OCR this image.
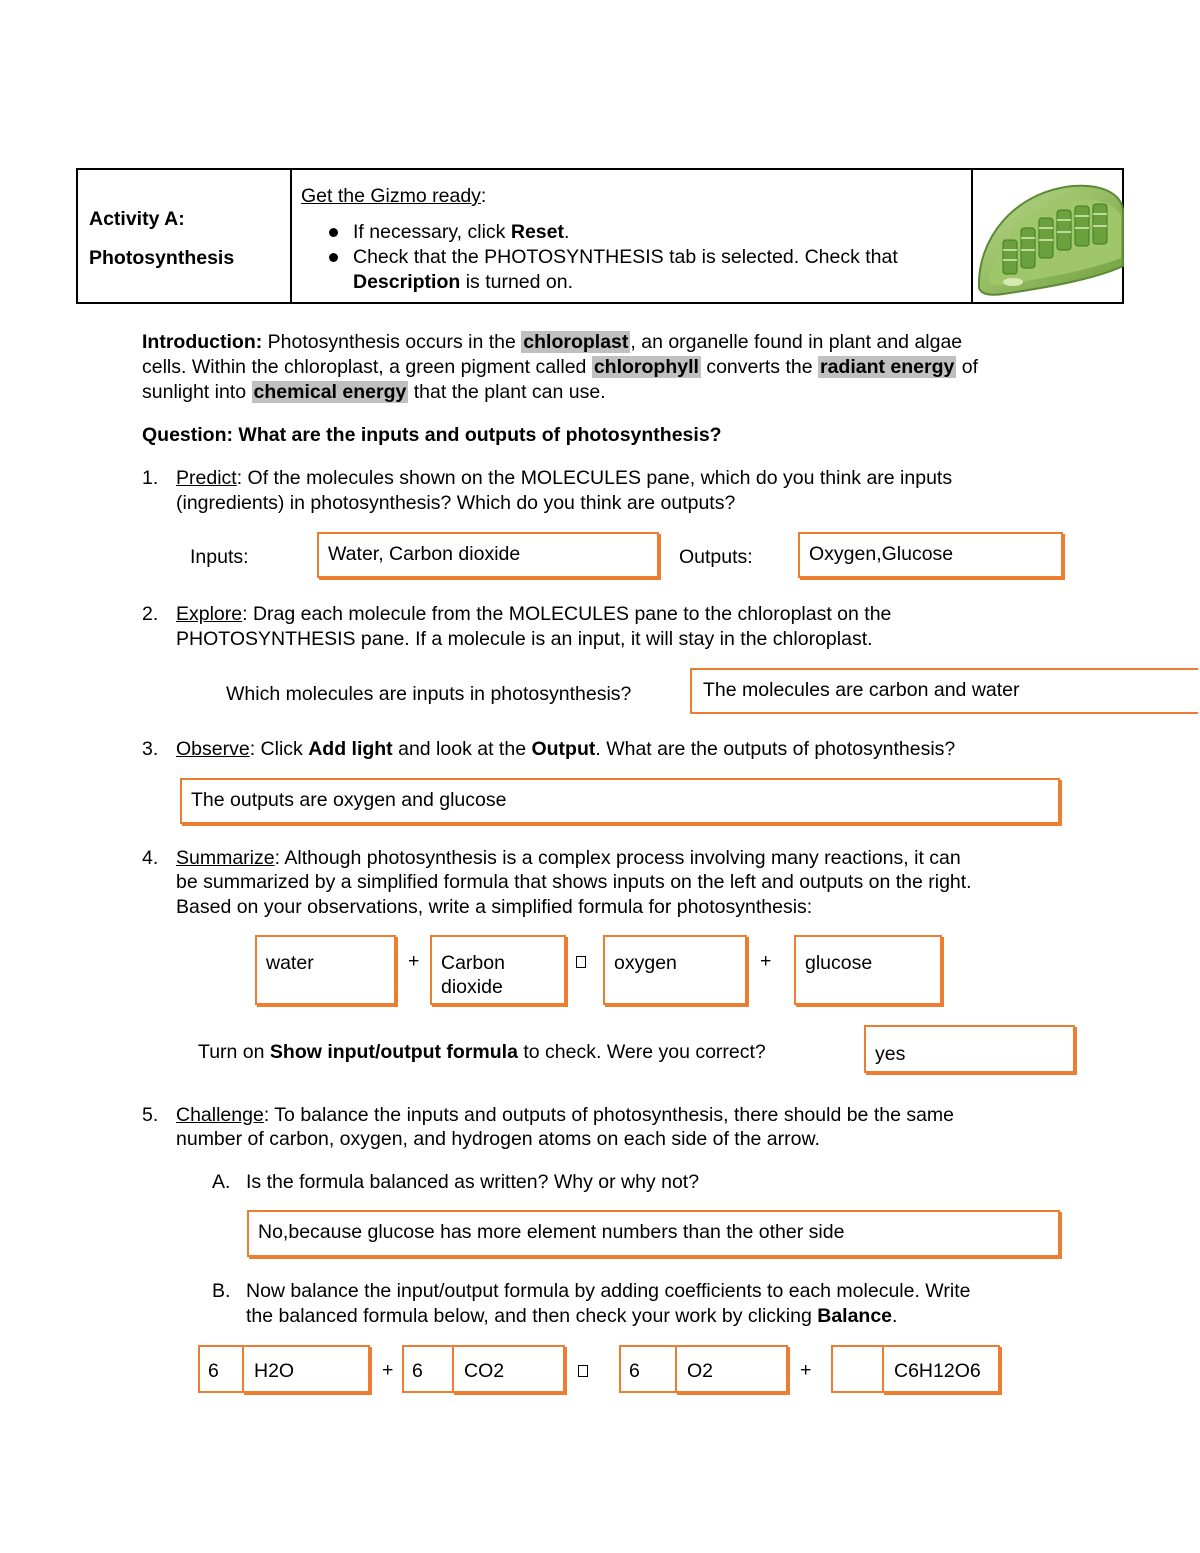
Activity A:
Photosynthesis
Get the Gizmo ready:
If necessary, click Reset.
Check that the PHOTOSYNTHESIS tab is selected. Check that
Description is turned on.
Introduction: Photosynthesis occurs in the chloroplast , an organelle found in plant and algae
cells. Within the chloroplast, a green pigment called chlorophyll converts the radiant energy of
sunlight into chemical energy that the plant can use.
Question: What are the inputs and outputs of photosynthesis?
1. Predict: Of the molecules shown on the MOLECULES pane, which do you think are inputs
(ingredients) in photosynthesis? Which do you think are outputs?
Inputs:	Water, Carbon dioxide	Outputs:	Oxygen,Glucose
2. Explore: Drag each molecule from the MOLECULES pane to the chloroplast on the
PHOTOSYNTHESIS pane. If a molecule is an input, it will stay in the chloroplast.
Which molecules are inputs in photosynthesis?	The molecules are carbon and water
3. Observe: Click Add light and look at the Output. What are the outputs of photosynthesis?
The outputs are oxygen and glucose
4. Summarize: Although photosynthesis is a complex process involving many reactions, it can
be summarized by a simplified formula that shows inputs on the left and outputs on the right.
Based on your observations, write a simplified formula for photosynthesis:
water	+ Carbon
dioxide
oxygen	+ glucose
Turn on Show input/output formula to check. Were you correct?	yes
5. Challenge: To balance the inputs and outputs of photosynthesis, there should be the same
number of carbon, oxygen, and hydrogen atoms on each side of the arrow.
A. Is the formula balanced as written? Why or why not?
No,because glucose has more element numbers than the other side
B. Now balance the input/output formula by adding coefficients to each molecule. Write
the balanced formula below, and then check your work by clicking Balance.
6 H2O	+ 6 CO2	6 O2	+	C6H12O6
